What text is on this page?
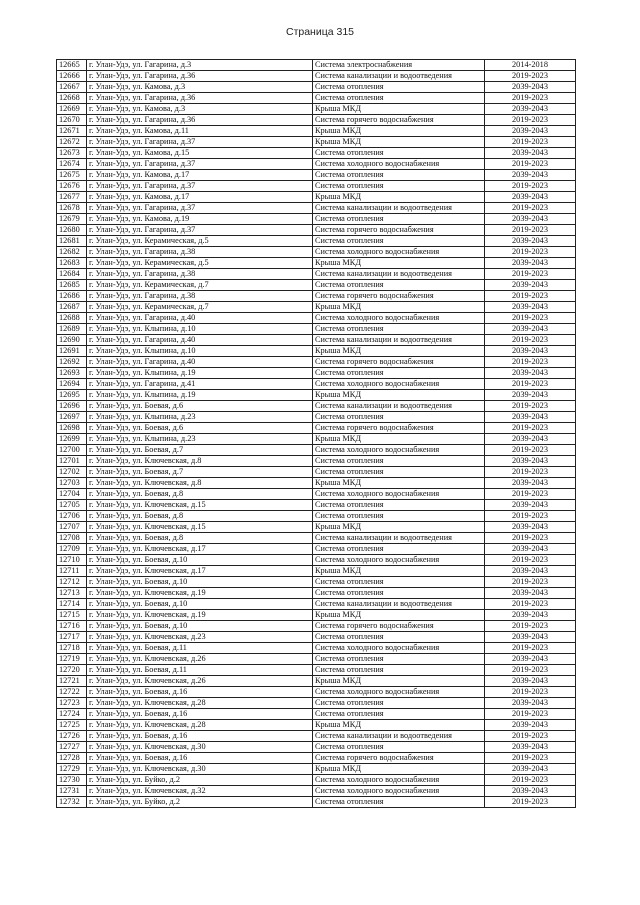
Страница 315
12665	г. Улан-Удэ, ул. Гагарина, д.3	Система электроснабжения	2014-2018
12666	г. Улан-Удэ, ул. Гагарина, д.36	Система канализации и водоотведения	2019-2023
12667	г. Улан-Удэ, ул. Камова, д.3	Система отопления	2039-2043
12668	г. Улан-Удэ, ул. Гагарина, д.36	Система отопления	2019-2023
12669	г. Улан-Удэ, ул. Камова, д.3	Крыша МКД	2039-2043
12670	г. Улан-Удэ, ул. Гагарина, д.36	Система горячего водоснабжения	2019-2023
12671	г. Улан-Удэ, ул. Камова, д.11	Крыша МКД	2039-2043
12672	г. Улан-Удэ, ул. Гагарина, д.37	Крыша МКД	2019-2023
12673	г. Улан-Удэ, ул. Камова, д.15	Система отопления	2039-2043
12674	г. Улан-Удэ, ул. Гагарина, д.37	Система холодного водоснабжения	2019-2023
12675	г. Улан-Удэ, ул. Камова, д.17	Система отопления	2039-2043
12676	г. Улан-Удэ, ул. Гагарина, д.37	Система отопления	2019-2023
12677	г. Улан-Удэ, ул. Камова, д.17	Крыша МКД	2039-2043
12678	г. Улан-Удэ, ул. Гагарина, д.37	Система канализации и водоотведения	2019-2023
12679	г. Улан-Удэ, ул. Камова, д.19	Система отопления	2039-2043
12680	г. Улан-Удэ, ул. Гагарина, д.37	Система горячего водоснабжения	2019-2023
12681	г. Улан-Удэ, ул. Керамическая, д.5	Система отопления	2039-2043
12682	г. Улан-Удэ, ул. Гагарина, д.38	Система холодного водоснабжения	2019-2023
12683	г. Улан-Удэ, ул. Керамическая, д.5	Крыша МКД	2039-2043
12684	г. Улан-Удэ, ул. Гагарина, д.38	Система канализации и водоотведения	2019-2023
12685	г. Улан-Удэ, ул. Керамическая, д.7	Система отопления	2039-2043
12686	г. Улан-Удэ, ул. Гагарина, д.38	Система горячего водоснабжения	2019-2023
12687	г. Улан-Удэ, ул. Керамическая, д.7	Крыша МКД	2039-2043
12688	г. Улан-Удэ, ул. Гагарина, д.40	Система холодного водоснабжения	2019-2023
12689	г. Улан-Удэ, ул. Клыпина, д.10	Система отопления	2039-2043
12690	г. Улан-Удэ, ул. Гагарина, д.40	Система канализации и водоотведения	2019-2023
12691	г. Улан-Удэ, ул. Клыпина, д.10	Крыша МКД	2039-2043
12692	г. Улан-Удэ, ул. Гагарина, д.40	Система горячего водоснабжения	2019-2023
12693	г. Улан-Удэ, ул. Клыпина, д.19	Система отопления	2039-2043
12694	г. Улан-Удэ, ул. Гагарина, д.41	Система холодного водоснабжения	2019-2023
12695	г. Улан-Удэ, ул. Клыпина, д.19	Крыша МКД	2039-2043
12696	г. Улан-Удэ, ул. Боевая, д.6	Система канализации и водоотведения	2019-2023
12697	г. Улан-Удэ, ул. Клыпина, д.23	Система отопления	2039-2043
12698	г. Улан-Удэ, ул. Боевая, д.6	Система горячего водоснабжения	2019-2023
12699	г. Улан-Удэ, ул. Клыпина, д.23	Крыша МКД	2039-2043
12700	г. Улан-Удэ, ул. Боевая, д.7	Система холодного водоснабжения	2019-2023
12701	г. Улан-Удэ, ул. Ключевская, д.8	Система отопления	2039-2043
12702	г. Улан-Удэ, ул. Боевая, д.7	Система отопления	2019-2023
12703	г. Улан-Удэ, ул. Ключевская, д.8	Крыша МКД	2039-2043
12704	г. Улан-Удэ, ул. Боевая, д.8	Система холодного водоснабжения	2019-2023
12705	г. Улан-Удэ, ул. Ключевская, д.15	Система отопления	2039-2043
12706	г. Улан-Удэ, ул. Боевая, д.8	Система отопления	2019-2023
12707	г. Улан-Удэ, ул. Ключевская, д.15	Крыша МКД	2039-2043
12708	г. Улан-Удэ, ул. Боевая, д.8	Система канализации и водоотведения	2019-2023
12709	г. Улан-Удэ, ул. Ключевская, д.17	Система отопления	2039-2043
12710	г. Улан-Удэ, ул. Боевая, д.10	Система холодного водоснабжения	2019-2023
12711	г. Улан-Удэ, ул. Ключевская, д.17	Крыша МКД	2039-2043
12712	г. Улан-Удэ, ул. Боевая, д.10	Система отопления	2019-2023
12713	г. Улан-Удэ, ул. Ключевская, д.19	Система отопления	2039-2043
12714	г. Улан-Удэ, ул. Боевая, д.10	Система канализации и водоотведения	2019-2023
12715	г. Улан-Удэ, ул. Ключевская, д.19	Крыша МКД	2039-2043
12716	г. Улан-Удэ, ул. Боевая, д.10	Система горячего водоснабжения	2019-2023
12717	г. Улан-Удэ, ул. Ключевская, д.23	Система отопления	2039-2043
12718	г. Улан-Удэ, ул. Боевая, д.11	Система холодного водоснабжения	2019-2023
12719	г. Улан-Удэ, ул. Ключевская, д.26	Система отопления	2039-2043
12720	г. Улан-Удэ, ул. Боевая, д.11	Система отопления	2019-2023
12721	г. Улан-Удэ, ул. Ключевская, д.26	Крыша МКД	2039-2043
12722	г. Улан-Удэ, ул. Боевая, д.16	Система холодного водоснабжения	2019-2023
12723	г. Улан-Удэ, ул. Ключевская, д.28	Система отопления	2039-2043
12724	г. Улан-Удэ, ул. Боевая, д.16	Система отопления	2019-2023
12725	г. Улан-Удэ, ул. Ключевская, д.28	Крыша МКД	2039-2043
12726	г. Улан-Удэ, ул. Боевая, д.16	Система канализации и водоотведения	2019-2023
12727	г. Улан-Удэ, ул. Ключевская, д.30	Система отопления	2039-2043
12728	г. Улан-Удэ, ул. Боевая, д.16	Система горячего водоснабжения	2019-2023
12729	г. Улан-Удэ, ул. Ключевская, д.30	Крыша МКД	2039-2043
12730	г. Улан-Удэ, ул. Буйко, д.2	Система холодного водоснабжения	2019-2023
12731	г. Улан-Удэ, ул. Ключевская, д.32	Система холодного водоснабжения	2039-2043
12732	г. Улан-Удэ, ул. Буйко, д.2	Система отопления	2019-2023
